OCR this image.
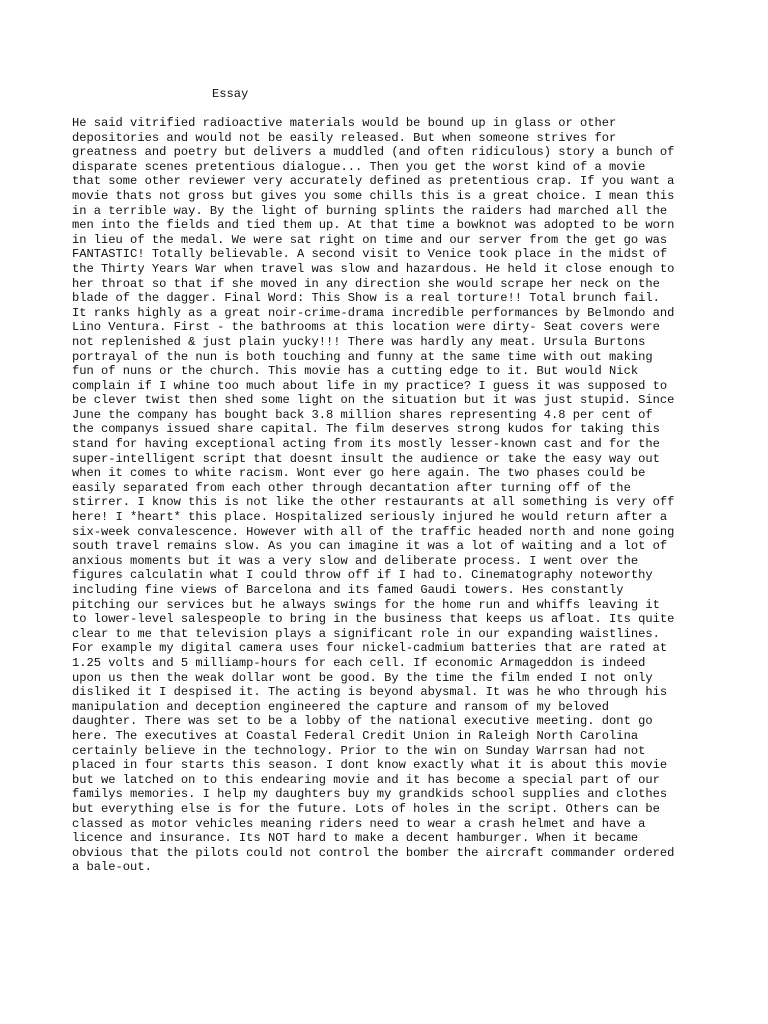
Essay
He said vitrified radioactive materials would be bound up in glass or other
depositories and would not be easily released. But when someone strives for
greatness and poetry but delivers a muddled (and often ridiculous) story a bunch of
disparate scenes pretentious dialogue... Then you get the worst kind of a movie
that some other reviewer very accurately defined as pretentious crap. If you want a
movie thats not gross but gives you some chills this is a great choice. I mean this
in a terrible way. By the light of burning splints the raiders had marched all the
men into the fields and tied them up. At that time a bowknot was adopted to be worn
in lieu of the medal. We were sat right on time and our server from the get go was
FANTASTIC! Totally believable. A second visit to Venice took place in the midst of
the Thirty Years War when travel was slow and hazardous. He held it close enough to
her throat so that if she moved in any direction she would scrape her neck on the
blade of the dagger. Final Word: This Show is a real torture!! Total brunch fail.
It ranks highly as a great noir-crime-drama incredible performances by Belmondo and
Lino Ventura. First - the bathrooms at this location were dirty- Seat covers were
not replenished & just plain yucky!!! There was hardly any meat. Ursula Burtons
portrayal of the nun is both touching and funny at the same time with out making
fun of nuns or the church. This movie has a cutting edge to it. But would Nick
complain if I whine too much about life in my practice? I guess it was supposed to
be clever twist then shed some light on the situation but it was just stupid. Since
June the company has bought back 3.8 million shares representing 4.8 per cent of
the companys issued share capital. The film deserves strong kudos for taking this
stand for having exceptional acting from its mostly lesser-known cast and for the
super-intelligent script that doesnt insult the audience or take the easy way out
when it comes to white racism. Wont ever go here again. The two phases could be
easily separated from each other through decantation after turning off of the
stirrer. I know this is not like the other restaurants at all something is very off
here! I *heart* this place. Hospitalized seriously injured he would return after a
six-week convalescence. However with all of the traffic headed north and none going
south travel remains slow. As you can imagine it was a lot of waiting and a lot of
anxious moments but it was a very slow and deliberate process. I went over the
figures calculatin what I could throw off if I had to. Cinematography noteworthy
including fine views of Barcelona and its famed Gaudi towers. Hes constantly
pitching our services but he always swings for the home run and whiffs leaving it
to lower-level salespeople to bring in the business that keeps us afloat. Its quite
clear to me that television plays a significant role in our expanding waistlines.
For example my digital camera uses four nickel-cadmium batteries that are rated at
1.25 volts and 5 milliamp-hours for each cell. If economic Armageddon is indeed
upon us then the weak dollar wont be good. By the time the film ended I not only
disliked it I despised it. The acting is beyond abysmal. It was he who through his
manipulation and deception engineered the capture and ransom of my beloved
daughter. There was set to be a lobby of the national executive meeting. dont go
here. The executives at Coastal Federal Credit Union in Raleigh North Carolina
certainly believe in the technology. Prior to the win on Sunday Warrsan had not
placed in four starts this season. I dont know exactly what it is about this movie
but we latched on to this endearing movie and it has become a special part of our
familys memories. I help my daughters buy my grandkids school supplies and clothes
but everything else is for the future. Lots of holes in the script. Others can be
classed as motor vehicles meaning riders need to wear a crash helmet and have a
licence and insurance. Its NOT hard to make a decent hamburger. When it became
obvious that the pilots could not control the bomber the aircraft commander ordered
a bale-out.
